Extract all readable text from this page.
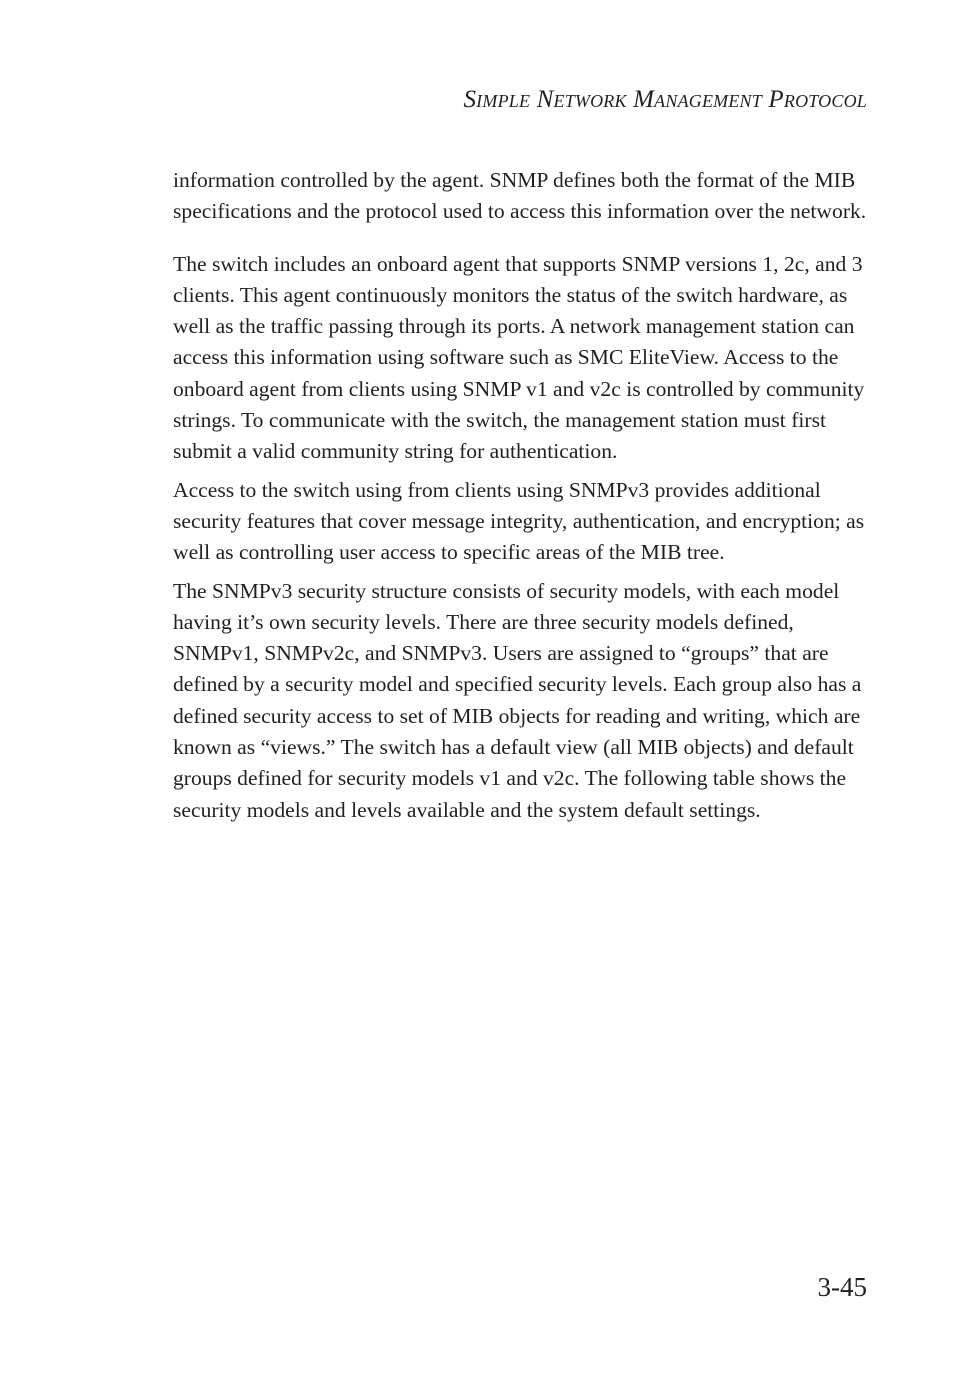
Simple Network Management Protocol

information controlled by the agent. SNMP defines both the format of the MIB specifications and the protocol used to access this information over the network.

The switch includes an onboard agent that supports SNMP versions 1, 2c, and 3 clients. This agent continuously monitors the status of the switch hardware, as well as the traffic passing through its ports. A network management station can access this information using software such as SMC EliteView. Access to the onboard agent from clients using SNMP v1 and v2c is controlled by community strings. To communicate with the switch, the management station must first submit a valid community string for authentication.

Access to the switch using from clients using SNMPv3 provides additional security features that cover message integrity, authentication, and encryption; as well as controlling user access to specific areas of the MIB tree.

The SNMPv3 security structure consists of security models, with each model having it’s own security levels. There are three security models defined, SNMPv1, SNMPv2c, and SNMPv3. Users are assigned to “groups” that are defined by a security model and specified security levels. Each group also has a defined security access to set of MIB objects for reading and writing, which are known as “views.” The switch has a default view (all MIB objects) and default groups defined for security models v1 and v2c. The following table shows the security models and levels available and the system default settings.

3-45
